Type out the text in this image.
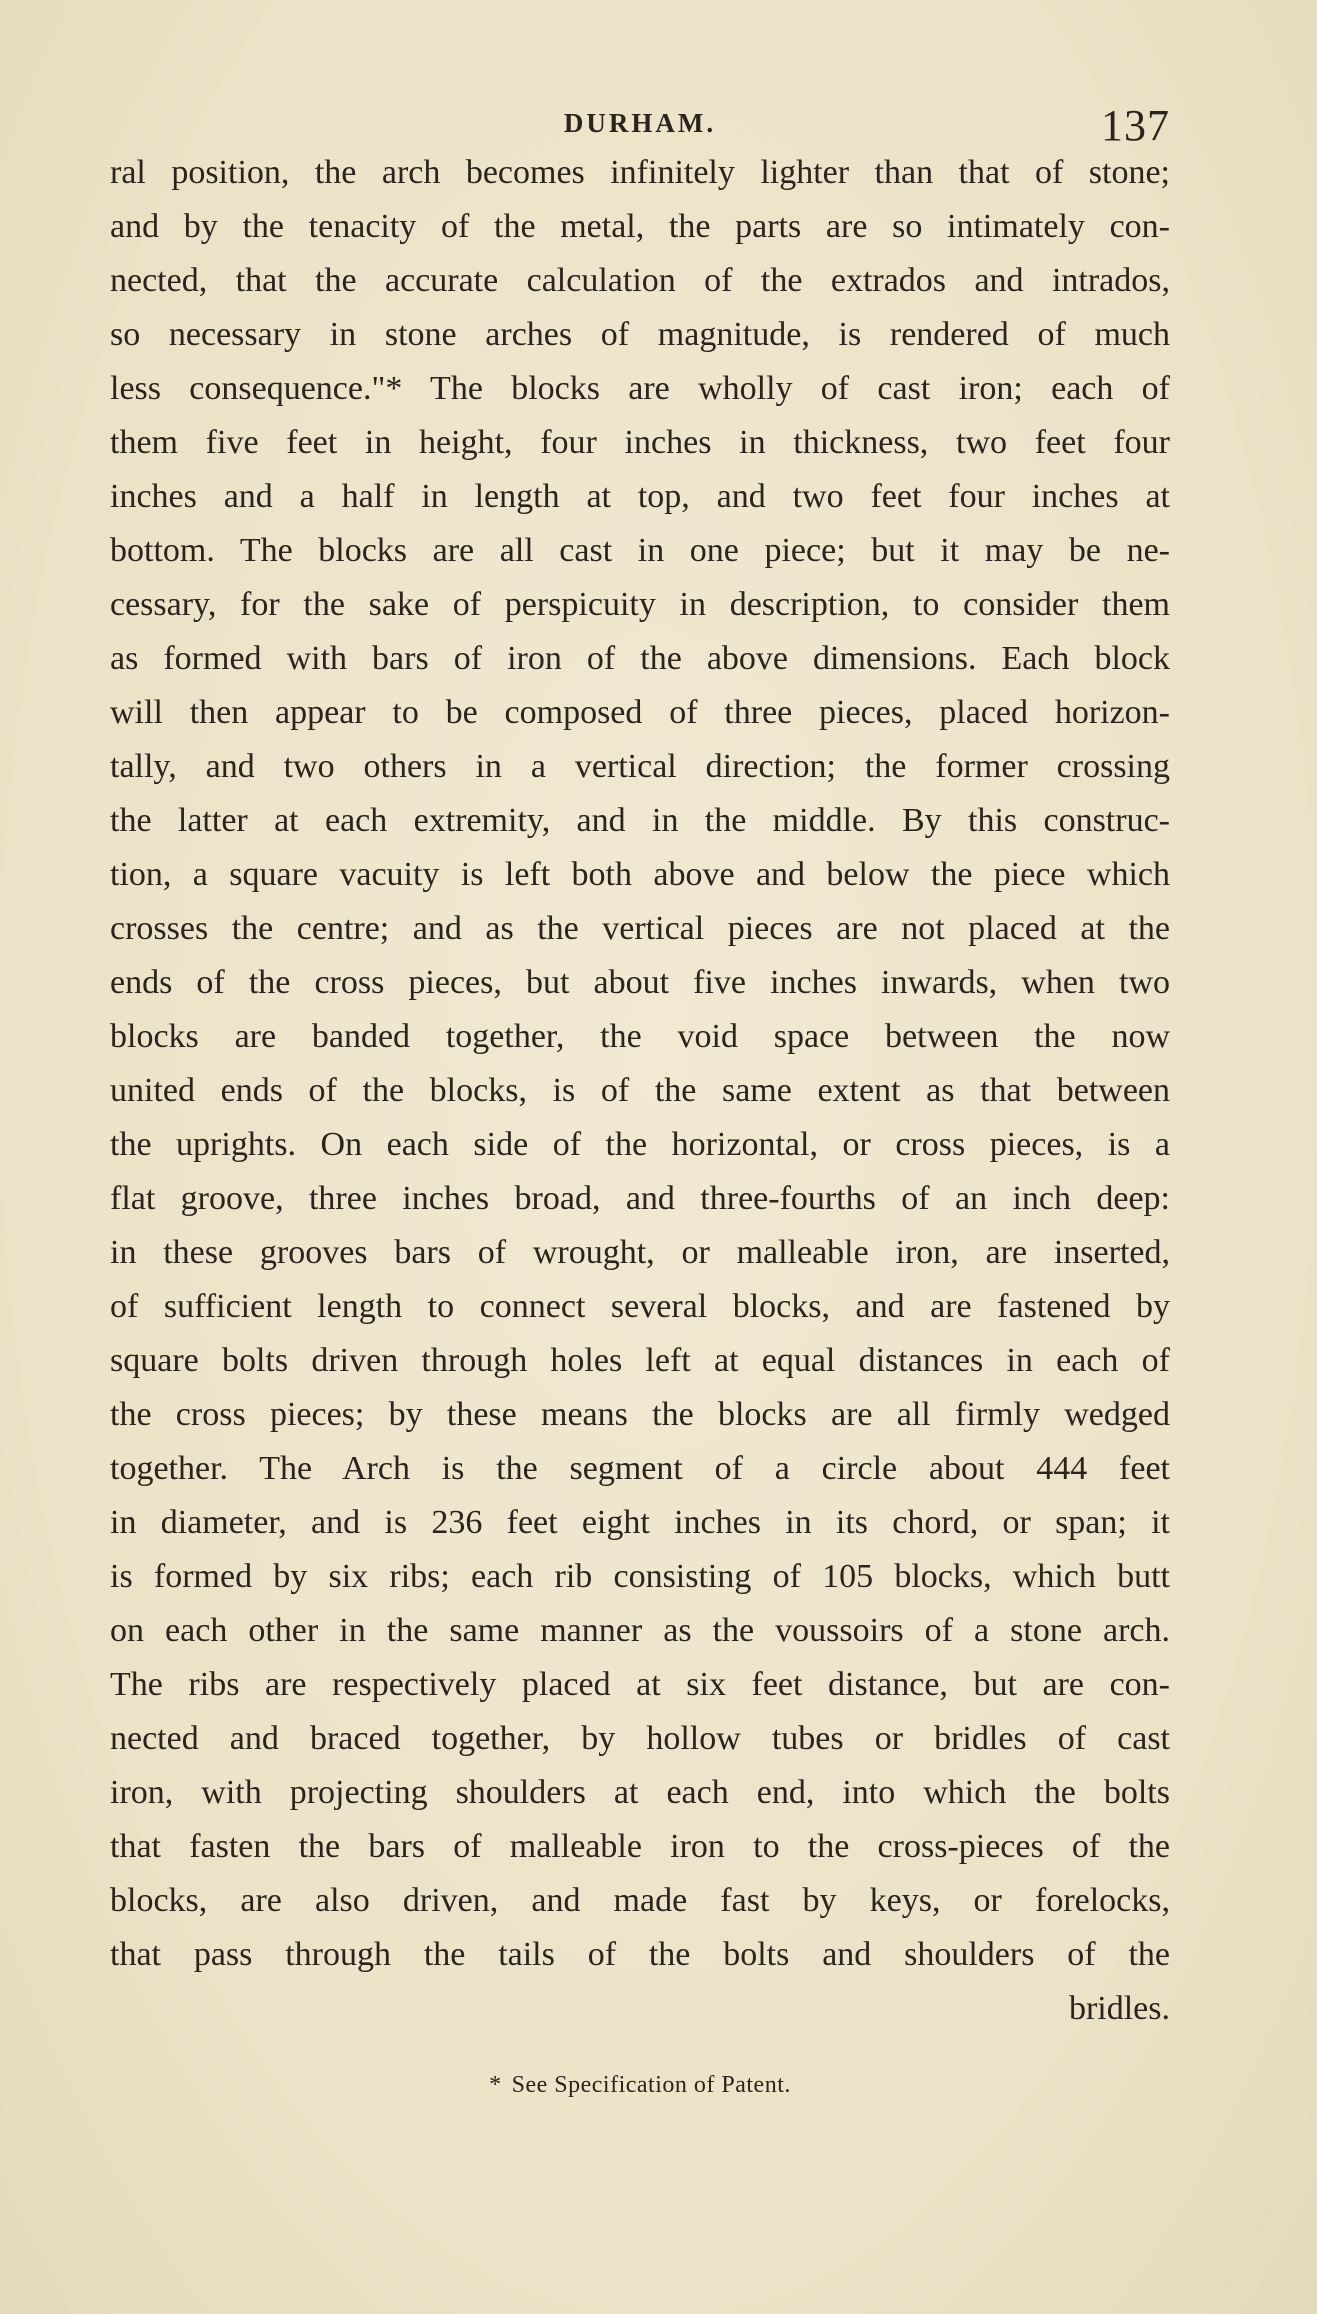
DURHAM.	137
ral position, the arch becomes infinitely lighter than that of stone;
and by the tenacity of the metal, the parts are so intimately con-
nected, that the accurate calculation of the extrados and intrados,
so necessary in stone arches of magnitude, is rendered of much
less consequence."* The blocks are wholly of cast iron; each of
them five feet in height, four inches in thickness, two feet four
inches and a half in length at top, and two feet four inches at
bottom. The blocks are all cast in one piece; but it may be ne-
cessary, for the sake of perspicuity in description, to consider them
as formed with bars of iron of the above dimensions. Each block
will then appear to be composed of three pieces, placed horizon-
tally, and two others in a vertical direction; the former crossing
the latter at each extremity, and in the middle. By this construc-
tion, a square vacuity is left both above and below the piece which
crosses the centre; and as the vertical pieces are not placed at the
ends of the cross pieces, but about five inches inwards, when two
blocks are banded together, the void space between the now
united ends of the blocks, is of the same extent as that between
the uprights. On each side of the horizontal, or cross pieces, is a
flat groove, three inches broad, and three-fourths of an inch deep:
in these grooves bars of wrought, or malleable iron, are inserted,
of sufficient length to connect several blocks, and are fastened by
square bolts driven through holes left at equal distances in each of
the cross pieces; by these means the blocks are all firmly wedged
together. The Arch is the segment of a circle about 444 feet
in diameter, and is 236 feet eight inches in its chord, or span; it
is formed by six ribs; each rib consisting of 105 blocks, which butt
on each other in the same manner as the voussoirs of a stone arch.
The ribs are respectively placed at six feet distance, but are con-
nected and braced together, by hollow tubes or bridles of cast
iron, with projecting shoulders at each end, into which the bolts
that fasten the bars of malleable iron to the cross-pieces of the
blocks, are also driven, and made fast by keys, or forelocks,
that pass through the tails of the bolts and shoulders of the
bridles.
* See Specification of Patent.
